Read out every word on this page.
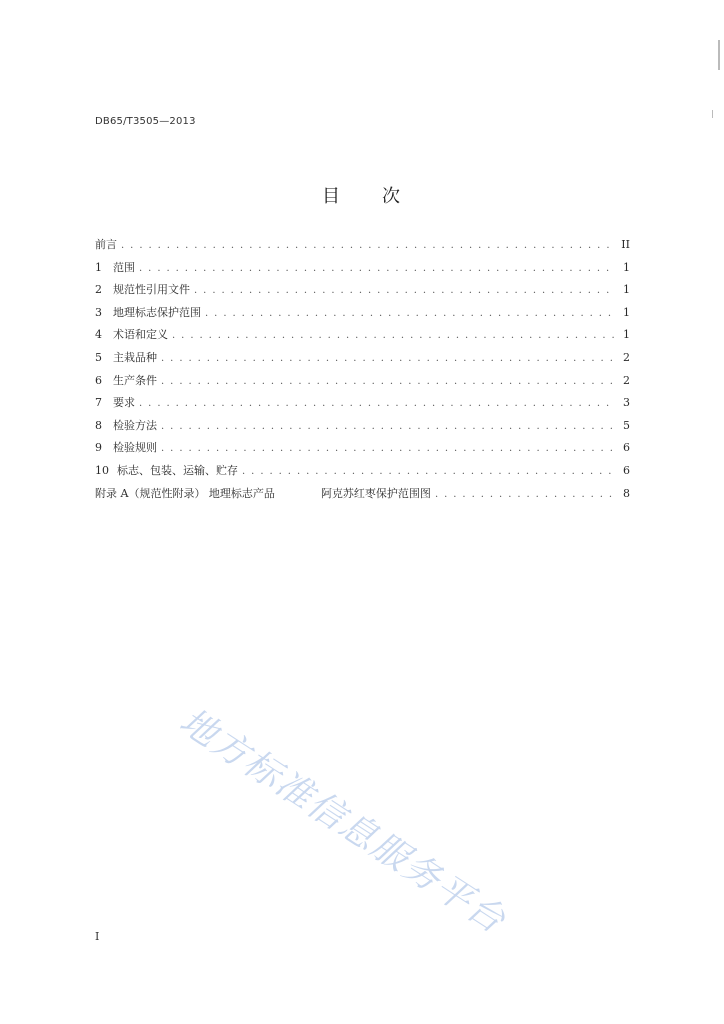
DB65/T3505—2013
目 次
前言 . . .	II
1	范围 . . .	1
2	规范性引用文件 . . .	1
3	地理标志保护范围 . . .	1
4	术语和定义 . . .	1
5	主栽品种 . . .	2
6	生产条件 . . .	2
7	要求 . . .	3
8	检验方法 . . .	5
9	检验规则 . . .	6
10 标志、包装、运输、贮存 . . .	6
附录 A（规范性附录） 地理标志产品	阿克苏红枣保护范围图 . . .	8
地方标准信息服务平台
I
